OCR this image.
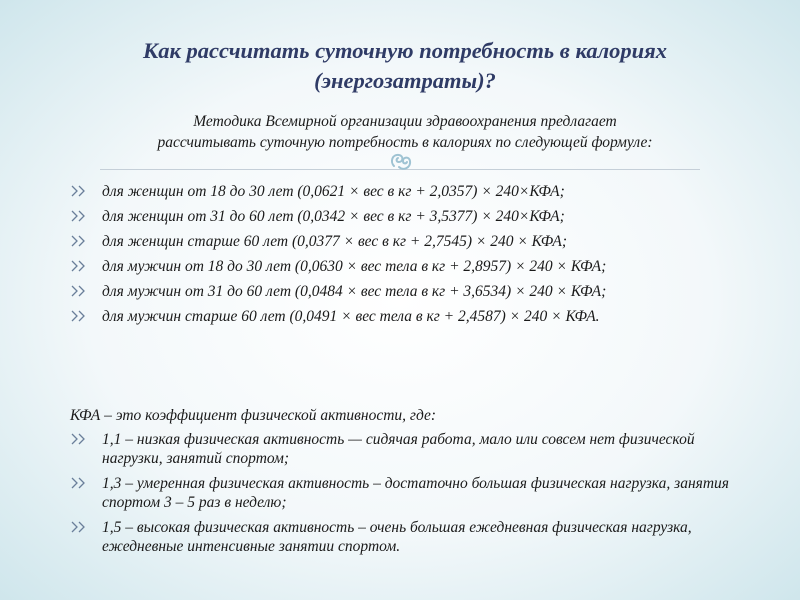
Как рассчитать суточную потребность в калориях
(энергозатраты)?
Методика Всемирной организации здравоохранения предлагает
рассчитывать суточную потребность в калориях по следующей формуле:
для женщин от 18 до 30 лет (0,0621 × вес в кг + 2,0357) × 240×КФА;
для женщин от 31 до 60 лет (0,0342 × вес в кг + 3,5377) × 240×КФА;
для женщин старше 60 лет (0,0377 × вес в кг + 2,7545) × 240 × КФА;
для мужчин от 18 до 30 лет (0,0630 × вес тела в кг + 2,8957) × 240 × КФА;
для мужчин от 31 до 60 лет (0,0484 × вес тела в кг + 3,6534) × 240 × КФА;
для мужчин старше 60 лет (0,0491 × вес тела в кг + 2,4587) × 240 × КФА.
КФА – это коэффициент физической активности, где:
1,1 – низкая физическая активность — сидячая работа, мало или совсем нет физической нагрузки, занятий спортом;
1,3 – умеренная физическая активность – достаточно большая физическая нагрузка, занятия спортом 3 – 5 раз в неделю;
1,5 – высокая физическая активность – очень большая ежедневная физическая нагрузка, ежедневные интенсивные занятии спортом.
